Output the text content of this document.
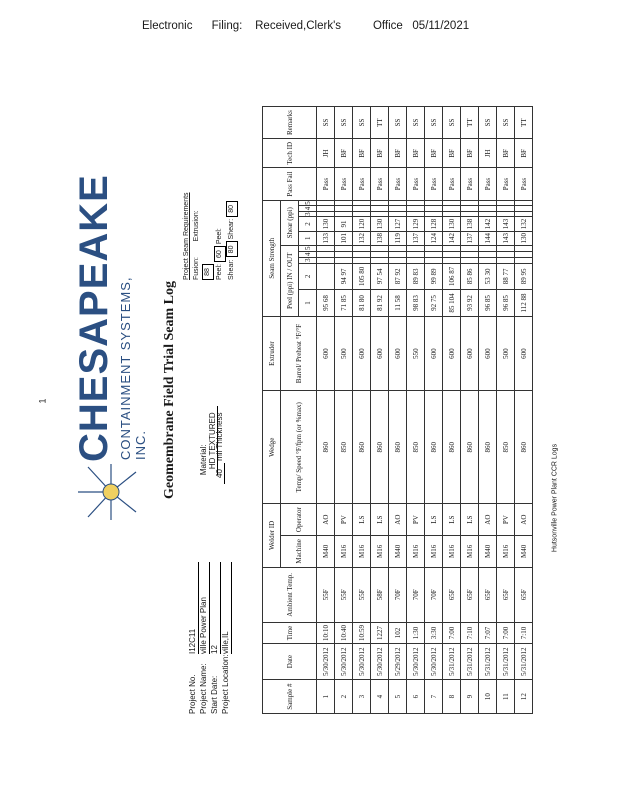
Electronic      Filing:    Received,Clerk's          Office   05/11/2021
1
Hutsonville Power Plant CCR Logs
CHESAPEAKE CONTAINMENT SYSTEMS, INC. Geomembrane Field Trial Seam Log	Material:
HD TEXTURED

40 mil Thickness
Project No.I12C11
Project Name:ville Power Plan
Start Date:12
Project Location:ville,IL
Project Seam Requirements Fusion:        Extrusion:
88 Peel: 60 Peel:
Shear: 80 Shear: 80
Sample #	Date	Time	Ambient Temp.	Welder ID		Wedge	Extruder	Seam Strength										Pass Fail	Tech ID	Remarks
				Machine	Operator	Temp/ Speed °F/fpm (or %max)	Barrel/ Preheat °F/°F	Peel (ppi) IN / OUT					Shear (ppi)							
								1	2	3	4	5	1	2	3	4	5			
1	5/30/2012	10:10	55F	M40	AO	860	600	95 68					133	130				Pass	JH	SS
2	5/30/2012	10:40	55F	M16	PV	850	500	71 85	94 97				101	91				Pass	BF	SS
3	5/30/2012	10:59	55F	M16	LS	860	600	81 80	105 80				132	120				Pass	BF	SS
4	5/30/2012	1227	58F	M16	LS	860	600	81 92	97 54				138	130				Pass	BF	TT
5	5/29/2012	102	70F	M40	AO	860	600	11 58	87 92				119	127				Pass	BF	SS
6	5/30/2012	1:30	70F	M16	PV	850	550	98 83	89 83				137	129				Pass	BF	SS
7	5/30/2012	3:30	70F	M16	LS	860	600	92 75	99 89				124	128				Pass	BF	SS
8	5/31/2012	7:00	65F	M16	LS	860	600	85 104	106 87				142	130				Pass	BF	SS
9	5/31/2012	7:10	65F	M16	LS	860	600	93 92	85 86				137	138				Pass	BF	TT
10	5/31/2012	7:07	65F	M40	AO	860	600	96 85	53 30				144	142				Pass	JH	SS
11	5/31/2012	7:00	65F	M16	PV	850	500	96 85	88 77				143	143				Pass	BF	SS
12	5/31/2012	7:10	65F	M40	AO	860	600	112 88	89 95				130	132				Pass	BF	TT
